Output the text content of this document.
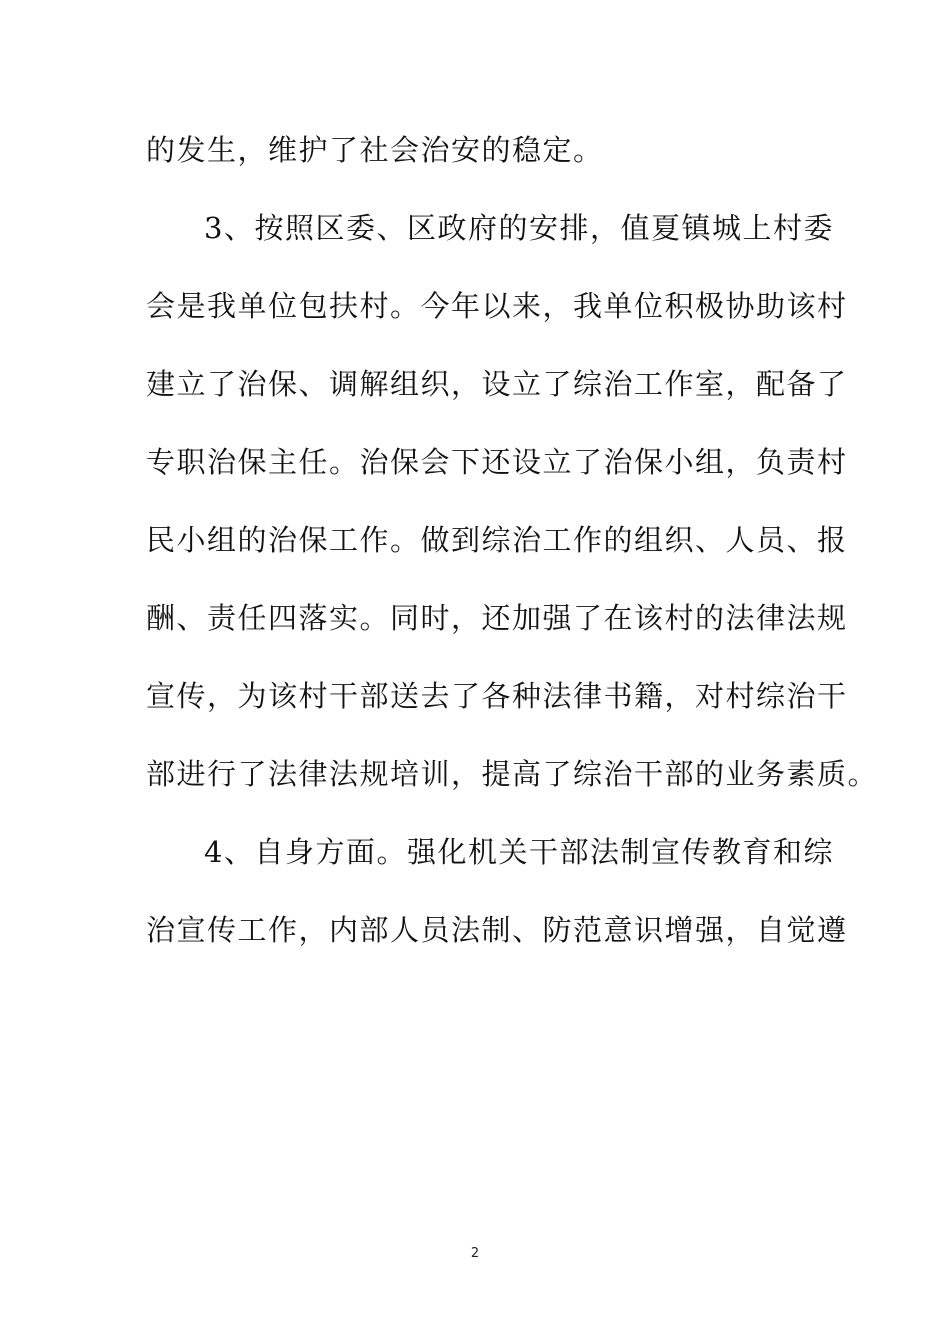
的发生，维护了社会治安的稳定。
3、按照区委、区政府的安排，值夏镇城上村委
会是我单位包扶村。今年以来，我单位积极协助该村
建立了治保、调解组织，设立了综治工作室，配备了
专职治保主任。治保会下还设立了治保小组，负责村
民小组的治保工作。做到综治工作的组织、人员、报
酬、责任四落实。同时，还加强了在该村的法律法规
宣传，为该村干部送去了各种法律书籍，对村综治干
部进行了法律法规培训，提高了综治干部的业务素质。
4、自身方面。强化机关干部法制宣传教育和综
治宣传工作，内部人员法制、防范意识增强，自觉遵
2
